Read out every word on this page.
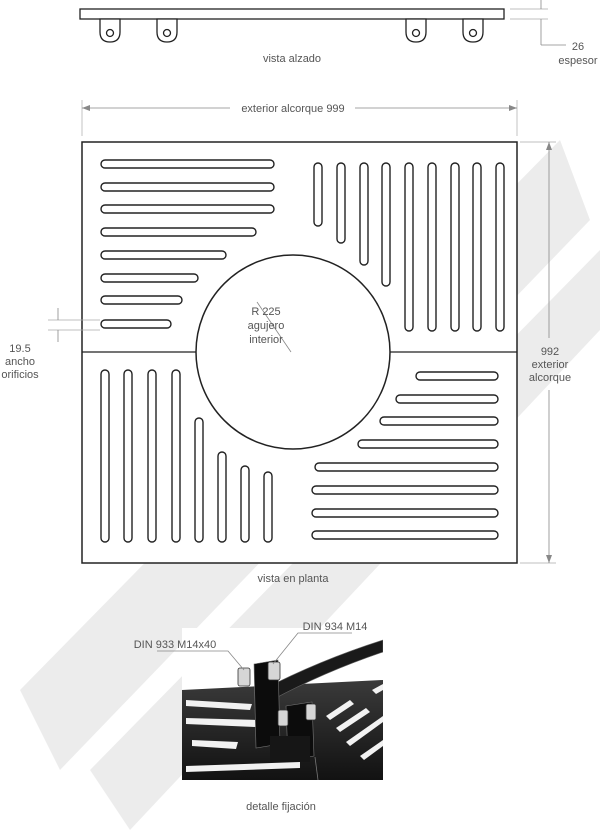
26
espesor
vista alzado
exterior alcorque 999
992
exterior
alcorque
R 225
agujero
interior
19.5
ancho
orificios
vista en planta
DIN 933 M14x40
DIN 934 M14
detalle fijación
